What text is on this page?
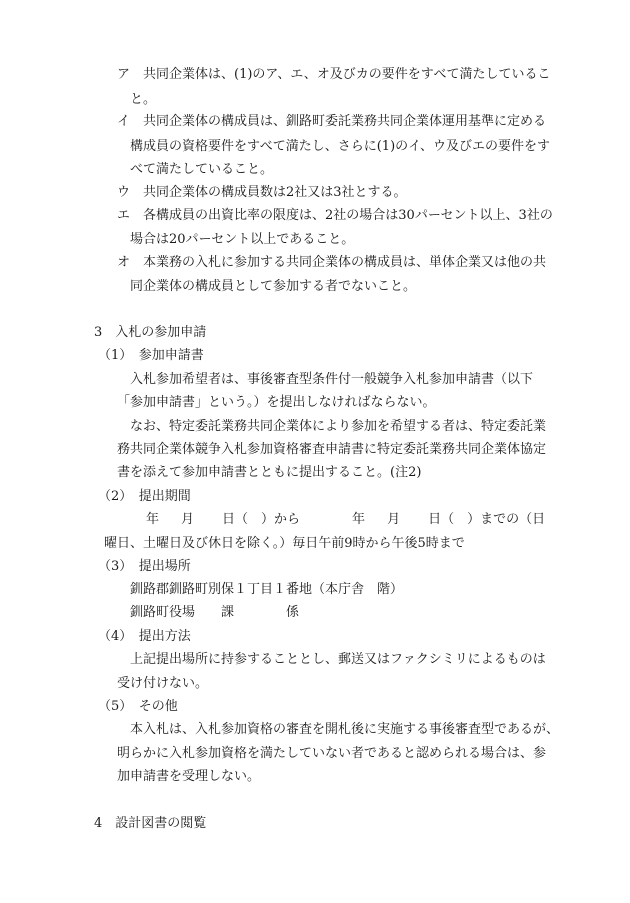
ア　共同企業体は、(1)のア、エ、オ及びカの要件をすべて満たしているこ
と。
イ　共同企業体の構成員は、釧路町委託業務共同企業体運用基準に定める
構成員の資格要件をすべて満たし、さらに(1)のイ、ウ及びエの要件をす
べて満たしていること。
ウ　共同企業体の構成員数は2社又は3社とする。
エ　各構成員の出資比率の限度は、2社の場合は30パーセント以上、3社の
場合は20パーセント以上であること。
オ　本業務の入札に参加する共同企業体の構成員は、単体企業又は他の共
同企業体の構成員として参加する者でないこと。
3　入札の参加申請
（1）　参加申請書
入札参加希望者は、事後審査型条件付一般競争入札参加申請書（以下
「参加申請書」という。）を提出しなければならない。
なお、特定委託業務共同企業体により参加を希望する者は、特定委託業
務共同企業体競争入札参加資格審査申請書に特定委託業務共同企業体協定
書を添えて参加申請書とともに提出すること。(注2)
（2）　提出期間
年 月 日（　）から	年 月 日（　）までの（日
曜日、土曜日及び休日を除く。）毎日午前9時から午後5時まで
（3）　提出場所
釧路郡釧路町別保１丁目１番地（本庁舎　階）
釧路町役場 課	係
（4）　提出方法
上記提出場所に持参することとし、郵送又はファクシミリによるものは
受け付けない。
（5）　その他
本入札は、入札参加資格の審査を開札後に実施する事後審査型であるが、
明らかに入札参加資格を満たしていない者であると認められる場合は、参
加申請書を受理しない。
4　設計図書の閲覧
